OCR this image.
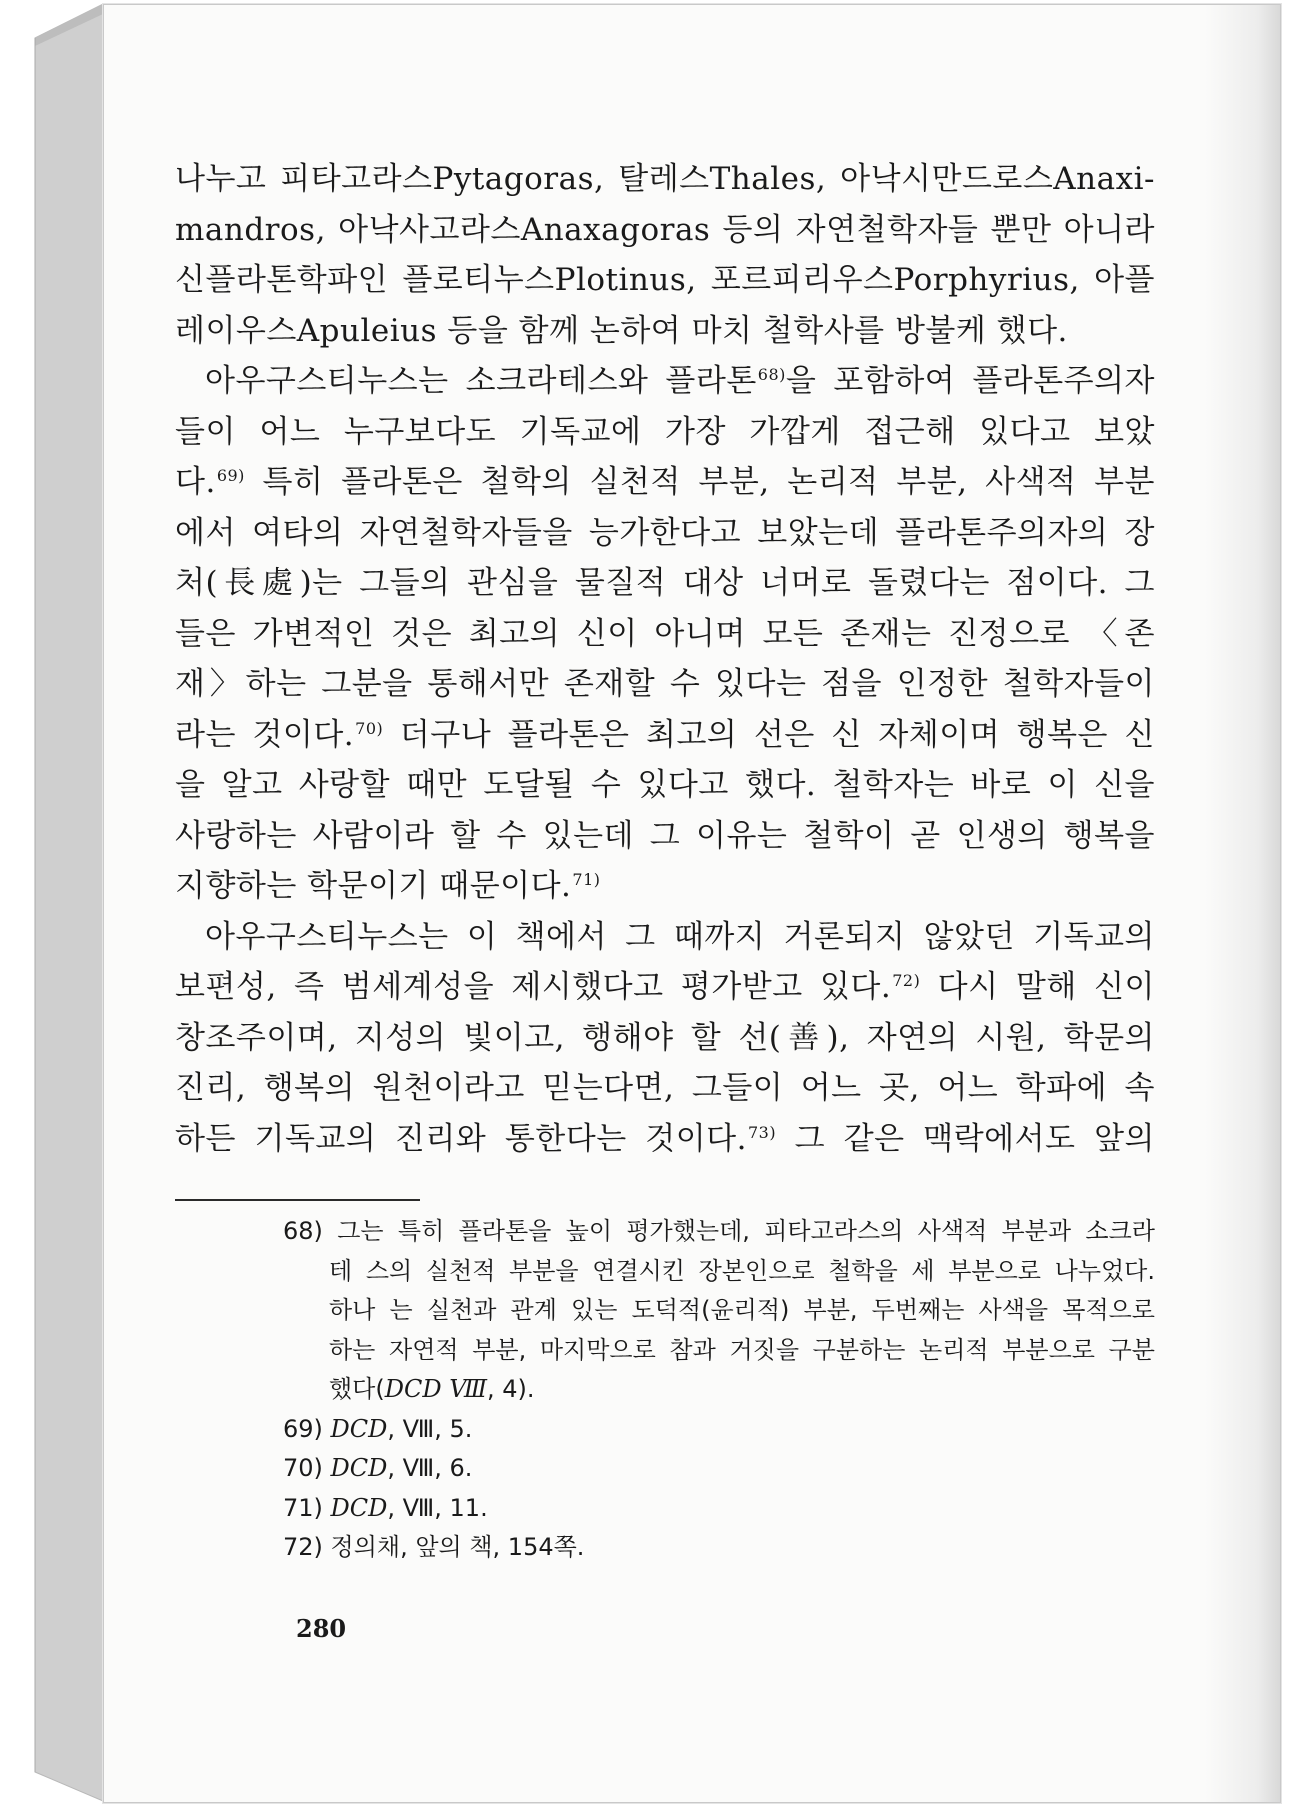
나누고 피타고라스Pytagoras, 탈레스Thales, 아낙시만드로스Anaxi-
mandros, 아낙사고라스Anaxagoras 등의 자연철학자들 뿐만 아니라
신플라톤학파인 플로티누스Plotinus, 포르피리우스Porphyrius, 아플
레이우스Apuleius 등을 함께 논하여 마치 철학사를 방불케 했다.
아우구스티누스는 소크라테스와 플라톤$^{68)}$을 포함하여 플라톤주의자
들이 어느 누구보다도 기독교에 가장 가깝게 접근해 있다고 보았
다.$^{69)}$ 특히 플라톤은 철학의 실천적 부분, 논리적 부분, 사색적 부분
에서 여타의 자연철학자들을 능가한다고 보았는데 플라톤주의자의 장
처(長處)는 그들의 관심을 물질적 대상 너머로 돌렸다는 점이다. 그
들은 가변적인 것은 최고의 신이 아니며 모든 존재는 진정으로 〈존
재〉하는 그분을 통해서만 존재할 수 있다는 점을 인정한 철학자들이
라는 것이다.$^{70)}$ 더구나 플라톤은 최고의 선은 신 자체이며 행복은 신
을 알고 사랑할 때만 도달될 수 있다고 했다. 철학자는 바로 이 신을
사랑하는 사람이라 할 수 있는데 그 이유는 철학이 곧 인생의 행복을
지향하는 학문이기 때문이다.$^{71)}$
아우구스티누스는 이 책에서 그 때까지 거론되지 않았던 기독교의
보편성, 즉 범세계성을 제시했다고 평가받고 있다.$^{72)}$ 다시 말해 신이
창조주이며, 지성의 빛이고, 행해야 할 선(善), 자연의 시원, 학문의
진리, 행복의 원천이라고 믿는다면, 그들이 어느 곳, 어느 학파에 속
하든 기독교의 진리와 통한다는 것이다.$^{73)}$ 그 같은 맥락에서도 앞의
68) 그는 특히 플라톤을 높이 평가했는데, 피타고라스의 사색적 부분과 소크라
테 스의 실천적 부분을 연결시킨 장본인으로 철학을 세 부분으로 나누었다.
하나 는 실천과 관계 있는 도덕적(윤리적) 부분, 두번째는 사색을 목적으로
하는 자연적 부분, 마지막으로 참과 거짓을 구분하는 논리적 부분으로 구분
했다(DCD Ⅷ, 4).
69) DCD, Ⅷ, 5.
70) DCD, Ⅷ, 6.
71) DCD, Ⅷ, 11.
72) 정의채, 앞의 책, 154쪽.
280
